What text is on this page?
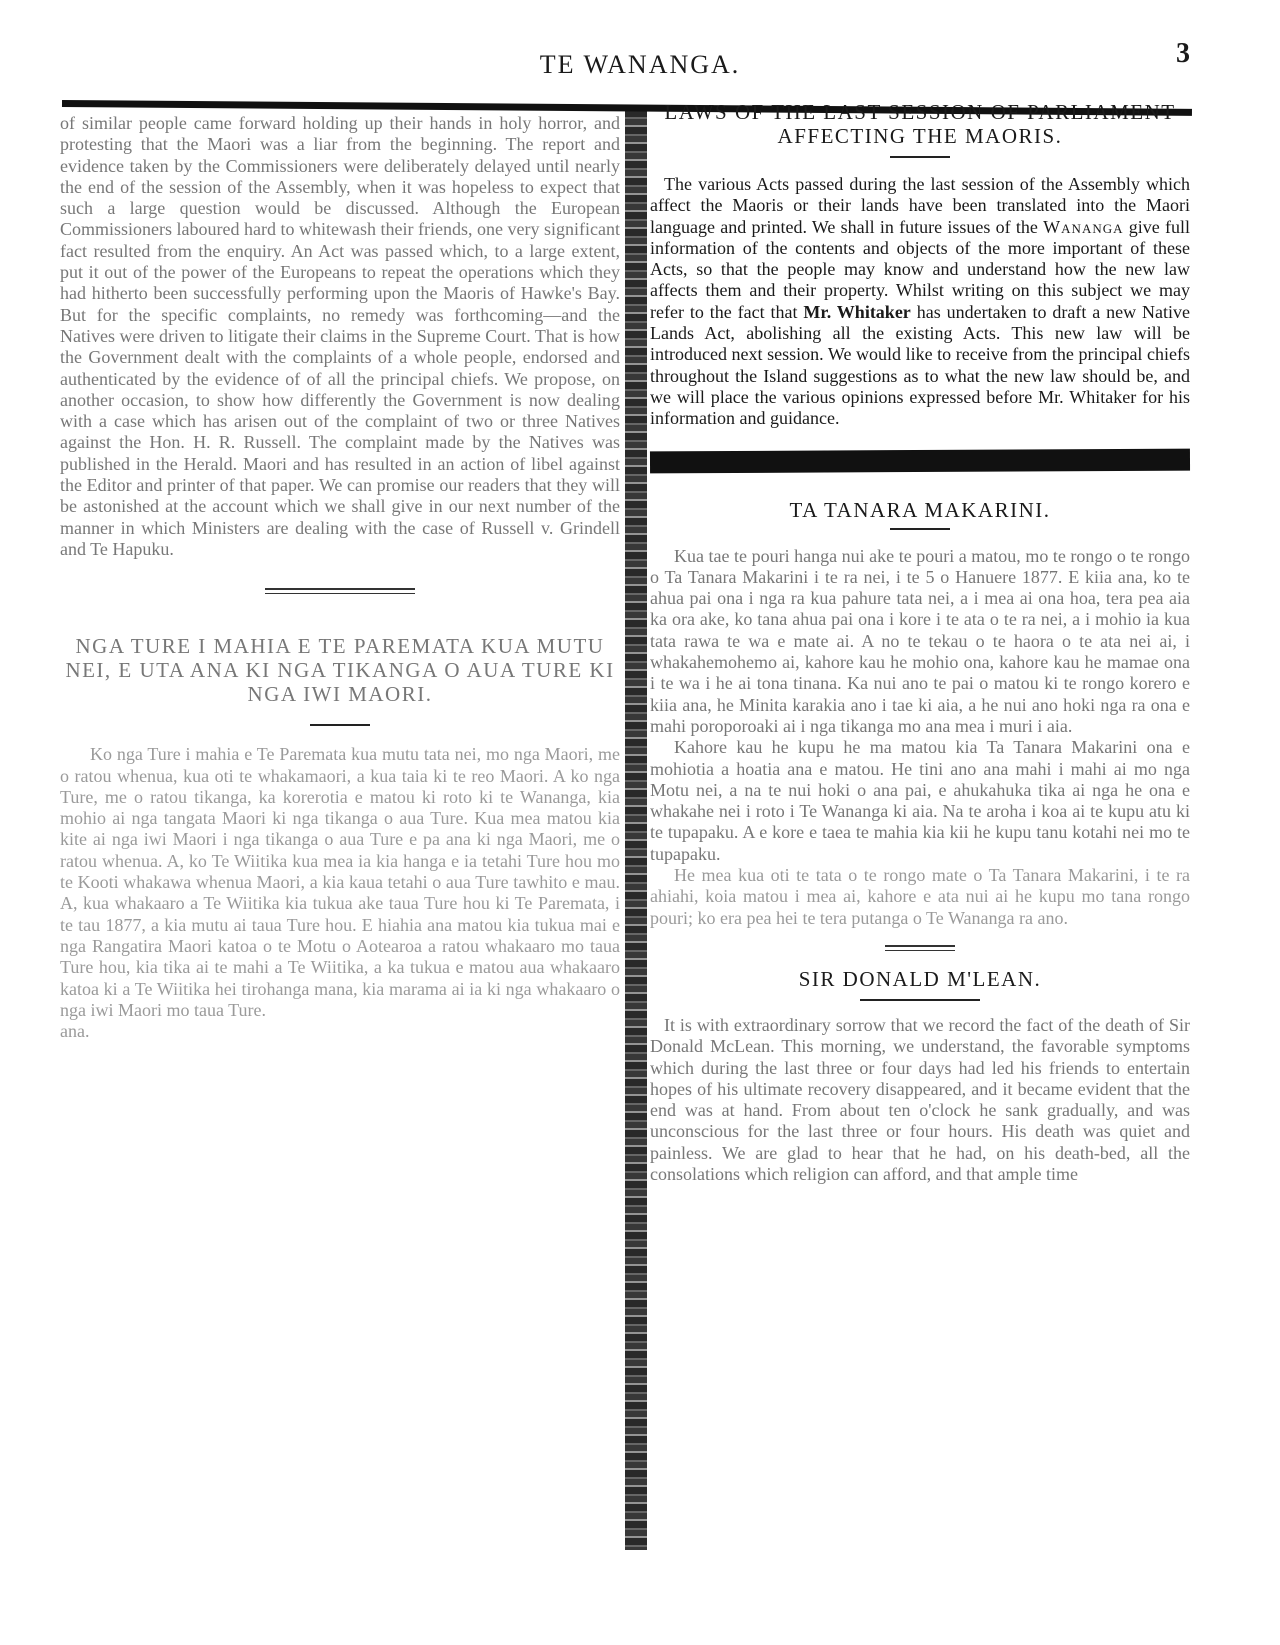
TE WANANGA.	3

of similar people came forward holding up their hands in holy horror, and protesting that the Maori was a liar from the beginning. The report and evidence taken by the Commissioners were deliberately delayed until nearly the end of the session of the Assembly, when it was hopeless to expect that such a large question would be discussed. Although the European Commissioners laboured hard to whitewash their friends, one very significant fact resulted from the enquiry. An Act was passed which, to a large extent, put it out of the power of the Europeans to repeat the operations which they had hitherto been successfully performing upon the Maoris of Hawke's Bay. But for the specific complaints, no remedy was forthcoming—and the Natives were driven to litigate their claims in the Supreme Court. That is how the Government dealt with the complaints of a whole people, endorsed and authenticated by the evidence of of all the principal chiefs. We propose, on another occasion, to show how differently the Government is now dealing with a case which has arisen out of the complaint of two or three Natives against the Hon. H. R. Russell. The complaint made by the Natives was published in the Herald. Maori and has resulted in an action of libel against the Editor and printer of that paper. We can promise our readers that they will be astonished at the account which we shall give in our next number of the manner in which Ministers are dealing with the case of Russell v. Grindell and Te Hapuku.

NGA TURE I MAHIA E TE PAREMATA KUA MUTU NEI, E UTA ANA KI NGA TIKANGA O AUA TURE KI NGA IWI MAORI.

Ko nga Ture i mahia e Te Paremata kua mutu tata nei, mo nga Maori, me o ratou whenua, kua oti te whakamaori, a kua taia ki te reo Maori. A ko nga Ture, me o ratou tikanga, ka korerotia e matou ki roto ki te Wananga, kia mohio ai nga tangata Maori ki nga tikanga o aua Ture. Kua mea matou kia kite ai nga iwi Maori i nga tikanga o aua Ture e pa ana ki nga Maori, me o ratou whenua. A, ko Te Wiitika kua mea ia kia hanga e ia tetahi Ture hou mo te Kooti whakawa whenua Maori, a kia kaua tetahi o aua Ture tawhito e mau. A, kua whakaaro a Te Wiitika kia tukua ake taua Ture hou ki Te Paremata, i te tau 1877, a kia mutu ai taua Ture hou. E hiahia ana matou kia tukua mai e nga Rangatira Maori katoa o te Motu o Aotearoa a ratou whakaaro mo taua Ture hou, kia tika ai te mahi a Te Wiitika, a ka tukua e matou aua whakaaro katoa ki a Te Wiitika hei tirohanga mana, kia marama ai ia ki nga whakaaro o nga iwi Maori mo taua Ture.

ana.

LAWS OF THE LAST SESSION OF PARLIAMENT AFFECTING THE MAORIS.

The various Acts passed during the last session of the Assembly which affect the Maoris or their lands have been translated into the Maori language and printed. We shall in future issues of the Wananga give full information of the contents and objects of the more important of these Acts, so that the people may know and understand how the new law affects them and their property. Whilst writing on this subject we may refer to the fact that Mr. Whitaker has undertaken to draft a new Native Lands Act, abolishing all the existing Acts. This new law will be introduced next session. We would like to receive from the principal chiefs throughout the Island suggestions as to what the new law should be, and we will place the various opinions expressed before Mr. Whitaker for his information and guidance.

TA TANARA MAKARINI.

Kua tae te pouri hanga nui ake te pouri a matou, mo te rongo o te rongo o Ta Tanara Makarini i te ra nei, i te 5 o Hanuere 1877. E kiia ana, ko te ahua pai ona i nga ra kua pahure tata nei, a i mea ai ona hoa, tera pea aia ka ora ake, ko tana ahua pai ona i kore i te ata o te ra nei, a i mohio ia kua tata rawa te wa e mate ai. A no te tekau o te haora o te ata nei ai, i whakahemohemo ai, kahore kau he mohio ona, kahore kau he mamae ona i te wa i he ai tona tinana. Ka nui ano te pai o matou ki te rongo korero e kiia ana, he Minita karakia ano i tae ki aia, a he nui ano hoki nga ra ona e mahi poroporoaki ai i nga tikanga mo ana mea i muri i aia.

Kahore kau he kupu he ma matou kia Ta Tanara Makarini ona e mohiotia a hoatia ana e matou. He tini ano ana mahi i mahi ai mo nga Motu nei, a na te nui hoki o ana pai, e ahukahuka tika ai nga he ona e whakahe nei i roto i Te Wananga ki aia. Na te aroha i koa ai te kupu atu ki te tupapaku. A e kore e taea te mahia kia kii he kupu tanu kotahi nei mo te tupapaku.

He mea kua oti te tata o te rongo mate o Ta Tanara Makarini, i te ra ahiahi, koia matou i mea ai, kahore e ata nui ai he kupu mo tana rongo pouri; ko era pea hei te tera putanga o Te Wananga ra ano.

SIR DONALD M'LEAN.

It is with extraordinary sorrow that we record the fact of the death of Sir Donald McLean. This morning, we understand, the favorable symptoms which during the last three or four days had led his friends to entertain hopes of his ultimate recovery disappeared, and it became evident that the end was at hand. From about ten o'clock he sank gradually, and was unconscious for the last three or four hours. His death was quiet and painless. We are glad to hear that he had, on his death-bed, all the consolations which religion can afford, and that ample time
